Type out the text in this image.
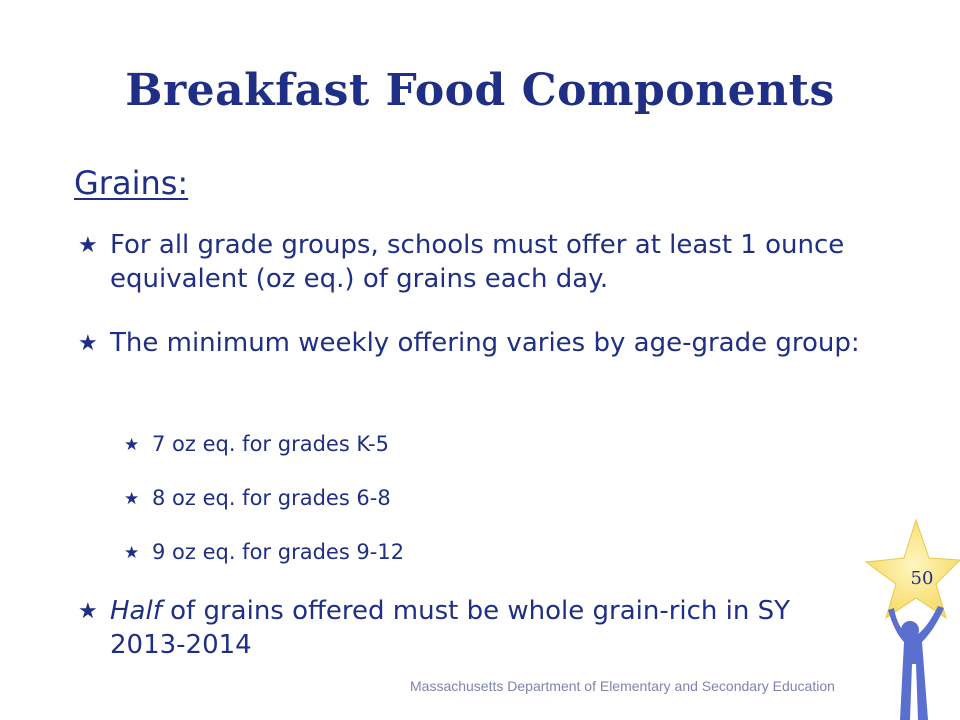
Breakfast Food Components
Grains:
★ For all grade groups, schools must offer at least 1 ounce equivalent (oz eq.) of grains each day.
★ The minimum weekly offering varies by age-grade group:
★ 7 oz eq. for grades K-5
★ 8 oz eq. for grades 6-8
★ 9 oz eq. for grades 9-12
★ Half of grains offered must be whole grain-rich in SY 2013-2014
Massachusetts Department of Elementary and Secondary Education
50
